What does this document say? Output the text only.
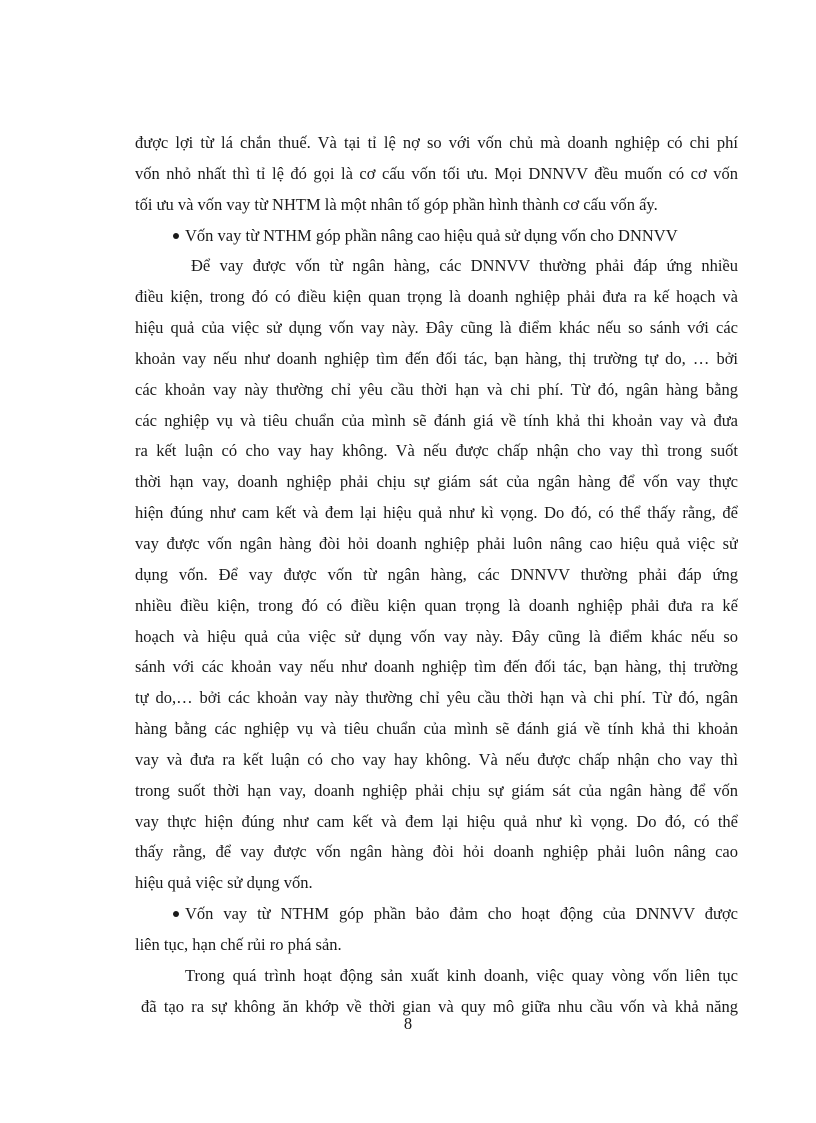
được lợi từ lá chắn thuế. Và tại tỉ lệ nợ so với vốn chủ mà doanh nghiệp có chi phí
vốn nhỏ nhất thì tỉ lệ đó gọi là cơ cấu vốn tối ưu. Mọi DNNVV đều muốn có cơ vốn
tối ưu và vốn vay từ NHTM là một nhân tố góp phần hình thành cơ cấu vốn ấy.
Vốn vay từ NTHM góp phần nâng cao hiệu quả sử dụng vốn cho DNNVV
Để vay được vốn từ ngân hàng, các DNNVV thường phải đáp ứng nhiều
điều kiện, trong đó có điều kiện quan trọng là doanh nghiệp phải đưa ra kế hoạch và
hiệu quả của việc sử dụng vốn vay này. Đây cũng là điểm khác nếu so sánh với các
khoản vay nếu như doanh nghiệp tìm đến đối tác, bạn hàng, thị trường tự do, … bởi
các khoản vay này thường chỉ yêu cầu thời hạn và chi phí. Từ đó, ngân hàng bằng
các nghiệp vụ và tiêu chuẩn của mình sẽ đánh giá về tính khả thi khoản vay và đưa
ra kết luận có cho vay hay không. Và nếu được chấp nhận cho vay thì trong suốt
thời hạn vay, doanh nghiệp phải chịu sự giám sát của ngân hàng để vốn vay thực
hiện đúng như cam kết và đem lại hiệu quả như kì vọng. Do đó, có thể thấy rằng, để
vay được vốn ngân hàng đòi hỏi doanh nghiệp phải luôn nâng cao hiệu quả việc sử
dụng vốn. Để vay được vốn từ ngân hàng, các DNNVV thường phải đáp ứng
nhiều điều kiện, trong đó có điều kiện quan trọng là doanh nghiệp phải đưa ra kế
hoạch và hiệu quả của việc sử dụng vốn vay này. Đây cũng là điểm khác nếu so
sánh với các khoản vay nếu như doanh nghiệp tìm đến đối tác, bạn hàng, thị trường
tự do,… bởi các khoản vay này thường chỉ yêu cầu thời hạn và chi phí. Từ đó, ngân
hàng bằng các nghiệp vụ và tiêu chuẩn của mình sẽ đánh giá về tính khả thi khoản
vay và đưa ra kết luận có cho vay hay không. Và nếu được chấp nhận cho vay thì
trong suốt thời hạn vay, doanh nghiệp phải chịu sự giám sát của ngân hàng để vốn
vay thực hiện đúng như cam kết và đem lại hiệu quả như kì vọng. Do đó, có thể
thấy rằng, để vay được vốn ngân hàng đòi hỏi doanh nghiệp phải luôn nâng cao
hiệu quả việc sử dụng vốn.
Vốn vay từ NTHM góp phần bảo đảm cho hoạt động của DNNVV được
liên tục, hạn chế rủi ro phá sản.
Trong quá trình hoạt động sản xuất kinh doanh, việc quay vòng vốn liên tục
đã tạo ra sự không ăn khớp về thời gian và quy mô giữa nhu cầu vốn và khả năng
8
